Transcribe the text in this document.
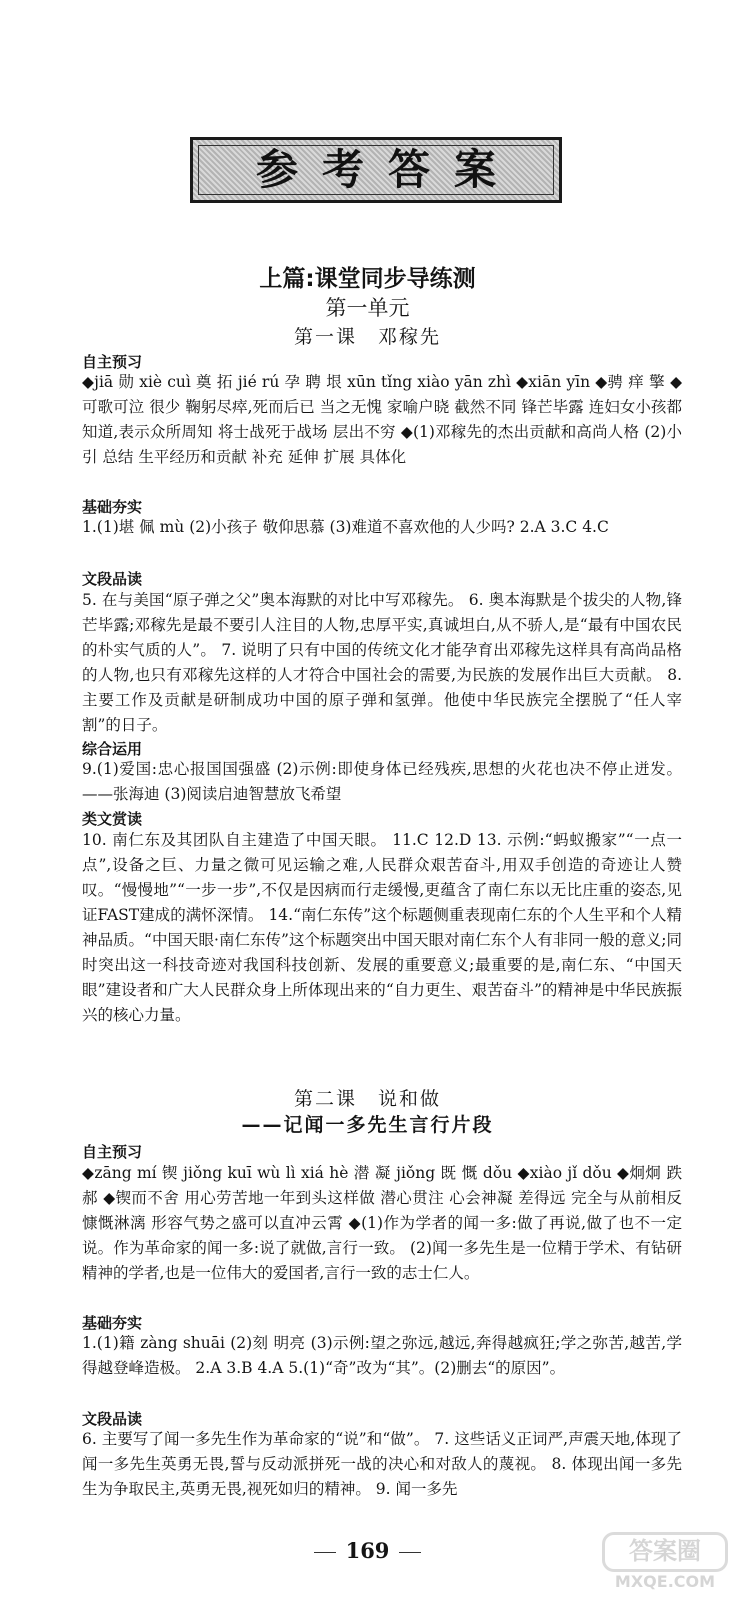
参考答案
上篇:课堂同步导练测
第一单元
第一课　邓稼先
自主预习
◆jiā 勋 xiè cuì 奠 拓 jié rú 孕 聘 垠 xūn tǐng xiào yān zhì ◆xiān yīn ◆骋 痒 擎 ◆可歌可泣 很少 鞠躬尽瘁,死而后已 当之无愧 家喻户晓 截然不同 锋芒毕露 连妇女小孩都知道,表示众所周知 将士战死于战场 层出不穷 ◆(1)邓稼先的杰出贡献和高尚人格 (2)小引 总结 生平经历和贡献 补充 延伸 扩展 具体化
基础夯实
1.(1)堪 佩 mù (2)小孩子 敬仰思慕 (3)难道不喜欢他的人少吗? 2.A 3.C 4.C
文段品读
5. 在与美国“原子弹之父”奥本海默的对比中写邓稼先。 6. 奥本海默是个拔尖的人物,锋芒毕露;邓稼先是最不要引人注目的人物,忠厚平实,真诚坦白,从不骄人,是“最有中国农民的朴实气质的人”。 7. 说明了只有中国的传统文化才能孕育出邓稼先这样具有高尚品格的人物,也只有邓稼先这样的人才符合中国社会的需要,为民族的发展作出巨大贡献。 8. 主要工作及贡献是研制成功中国的原子弹和氢弹。他使中华民族完全摆脱了“任人宰割”的日子。
综合运用
9.(1)爱国:忠心报国国强盛 (2)示例:即使身体已经残疾,思想的火花也决不停止迸发。——张海迪 (3)阅读启迪智慧放飞希望
类文赏读
10. 南仁东及其团队自主建造了中国天眼。 11.C 12.D 13. 示例:“蚂蚁搬家”“一点一点”,设备之巨、力量之微可见运输之难,人民群众艰苦奋斗,用双手创造的奇迹让人赞叹。“慢慢地”“一步一步”,不仅是因病而行走缓慢,更蕴含了南仁东以无比庄重的姿态,见证FAST建成的满怀深情。 14.“南仁东传”这个标题侧重表现南仁东的个人生平和个人精神品质。“中国天眼·南仁东传”这个标题突出中国天眼对南仁东个人有非同一般的意义;同时突出这一科技奇迹对我国科技创新、发展的重要意义;最重要的是,南仁东、“中国天眼”建设者和广大人民群众身上所体现出来的“自力更生、艰苦奋斗”的精神是中华民族振兴的核心力量。
第二课　说和做
——记闻一多先生言行片段
自主预习
◆zāng mí 锲 jiǒng kuī wù lì xiá hè 潜 凝 jiǒng 既 慨 dǒu ◆xiào jǐ dǒu ◆炯炯 跌 郝 ◆锲而不舍 用心劳苦地一年到头这样做 潜心贯注 心会神凝 差得远 完全与从前相反 慷慨淋漓 形容气势之盛可以直冲云霄 ◆(1)作为学者的闻一多:做了再说,做了也不一定说。作为革命家的闻一多:说了就做,言行一致。 (2)闻一多先生是一位精于学术、有钻研精神的学者,也是一位伟大的爱国者,言行一致的志士仁人。
基础夯实
1.(1)籍 zàng shuāi (2)刻 明亮 (3)示例:望之弥远,越远,奔得越疯狂;学之弥苦,越苦,学得越登峰造极。 2.A 3.B 4.A 5.(1)“奇”改为“其”。(2)删去“的原因”。
文段品读
6. 主要写了闻一多先生作为革命家的“说”和“做”。 7. 这些话义正词严,声震天地,体现了闻一多先生英勇无畏,誓与反动派拼死一战的决心和对敌人的蔑视。 8. 体现出闻一多先生为争取民主,英勇无畏,视死如归的精神。 9. 闻一多先
169	答案圈
MXQE.COM
